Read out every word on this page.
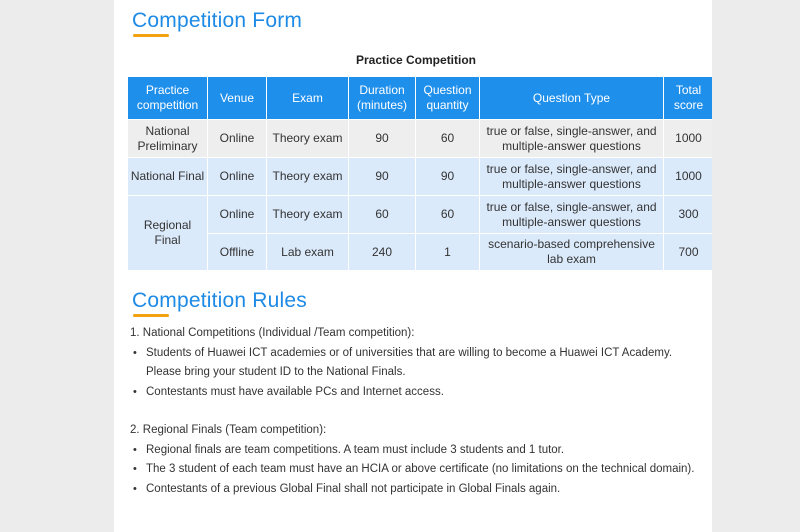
Competition Form
Practice Competition
Practice competition	Venue	Exam	Duration (minutes)	Question quantity	Question Type	Total score
National Preliminary	Online	Theory exam	90	60	true or false, single-answer, and multiple-answer questions	1000
National Final	Online	Theory exam	90	90	true or false, single-answer, and multiple-answer questions	1000
Regional Final	Online	Theory exam	60	60	true or false, single-answer, and multiple-answer questions	300
	Offline	Lab exam	240	1	scenario-based comprehensive lab exam	700
Competition Rules

1. National Competitions (Individual /Team competition):

• Students of Huawei ICT academies or of universities that are willing to become a Huawei ICT Academy. Please bring your student ID to the National Finals.
• Contestants must have available PCs and Internet access.

2. Regional Finals (Team competition):

• Regional finals are team competitions. A team must include 3 students and 1 tutor.
• The 3 student of each team must have an HCIA or above certificate (no limitations on the technical domain).
• Contestants of a previous Global Final shall not participate in Global Finals again.
